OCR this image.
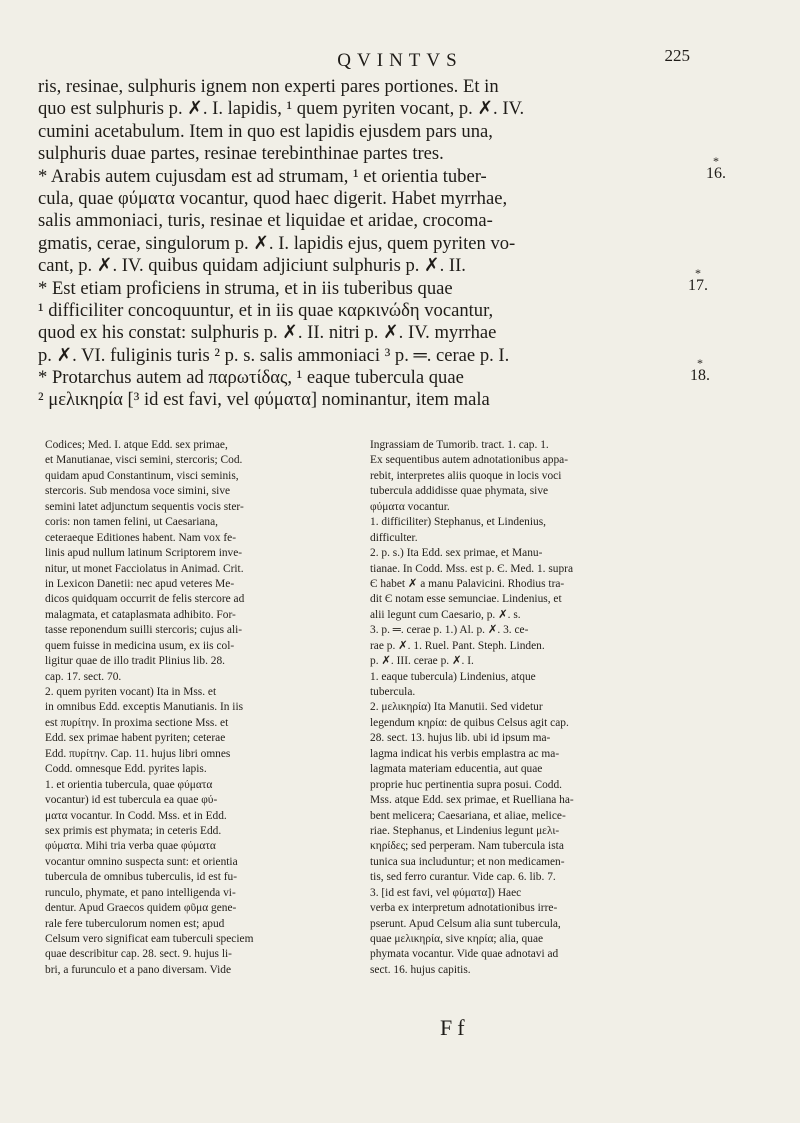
QVINTVS	225
ris, resinae, sulphuris ignem non experti pares portiones. Et in
quo est sulphuris p. ✗. I. lapidis, ¹ quem pyriten vocant, p. ✗. IV.
cumini acetabulum. Item in quo est lapidis ejusdem pars una,
sulphuris duae partes, resinae terebinthinae partes tres.
* Arabis autem cujusdam est ad strumam, ¹ et orientia tuber-
cula, quae φύματα vocantur, quod haec digerit. Habet myrrhae,
salis ammoniaci, turis, resinae et liquidae et aridae, crocoma-
gmatis, cerae, singulorum p. ✗. I. lapidis ejus, quem pyriten vo-
cant, p. ✗. IV. quibus quidam adjiciunt sulphuris p. ✗. II.
* Est etiam proficiens in struma, et in iis tuberibus quae
¹ difficiliter concoquuntur, et in iis quae καρκινώδη vocantur,
quod ex his constat: sulphuris p. ✗. II. nitri p. ✗. IV. myrrhae
p. ✗. VI. fuliginis turis ² p. s. salis ammoniaci ³ p. ═. cerae p. I.
* Protarchus autem ad παρωτίδας, ¹ eaque tubercula quae
² μελικηρία [³ id est favi, vel φύματα] nominantur, item mala
*
16.
*
17.
*
18.
Codices; Med. I. atque Edd. sex primae,
et Manutianae, visci semini, stercoris; Cod.
quidam apud Constantinum, visci seminis,
stercoris. Sub mendosa voce simini, sive
semini latet adjunctum sequentis vocis ster-
coris: non tamen felini, ut Caesariana,
ceteraeque Editiones habent. Nam vox fe-
linis apud nullum latinum Scriptorem inve-
nitur, ut monet Facciolatus in Animad. Crit.
in Lexicon Danetii: nec apud veteres Me-
dicos quidquam occurrit de felis stercore ad
malagmata, et cataplasmata adhibito. For-
tasse reponendum suilli stercoris; cujus ali-
quem fuisse in medicina usum, ex iis col-
ligitur quae de illo tradit Plinius lib. 28.
cap. 17. sect. 70.
2. quem pyriten vocant) Ita in Mss. et
in omnibus Edd. exceptis Manutianis. In iis
est πυρίτην. In proxima sectione Mss. et
Edd. sex primae habent pyriten; ceterae
Edd. πυρίτην. Cap. 11. hujus libri omnes
Codd. omnesque Edd. pyrites lapis.
1. et orientia tubercula, quae φύματα
vocantur) id est tubercula ea quae φύ-
ματα vocantur. In Codd. Mss. et in Edd.
sex primis est phymata; in ceteris Edd.
φύματα. Mihi tria verba quae φύματα
vocantur omnino suspecta sunt: et orientia
tubercula de omnibus tuberculis, id est fu-
runculo, phymate, et pano intelligenda vi-
dentur. Apud Graecos quidem φῦμα gene-
rale fere tuberculorum nomen est; apud
Celsum vero significat eam tuberculi speciem
quae describitur cap. 28. sect. 9. hujus li-
bri, a furunculo et a pano diversam. Vide
Ingrassiam de Tumorib. tract. 1. cap. 1.
Ex sequentibus autem adnotationibus appa-
rebit, interpretes aliis quoque in locis voci
tubercula addidisse quae phymata, sive
φύματα vocantur.
1. difficiliter) Stephanus, et Lindenius,
difficulter.
2. p. s.) Ita Edd. sex primae, et Manu-
tianae. In Codd. Mss. est p. Є. Med. 1. supra
Є habet ✗ a manu Palavicini. Rhodius tra-
dit Є notam esse semunciae. Lindenius, et
alii legunt cum Caesario, p. ✗. s.
3. p. ═. cerae p. 1.) Al. p. ✗. 3. ce-
rae p. ✗. 1. Ruel. Pant. Steph. Linden.
p. ✗. III. cerae p. ✗. I.
1. eaque tubercula) Lindenius, atque
tubercula.
2. μελικηρία) Ita Manutii. Sed videtur
legendum κηρία: de quibus Celsus agit cap.
28. sect. 13. hujus lib. ubi id ipsum ma-
lagma indicat his verbis emplastra ac ma-
lagmata materiam educentia, aut quae
proprie huc pertinentia supra posui. Codd.
Mss. atque Edd. sex primae, et Ruelliana ha-
bent melicera; Caesariana, et aliae, melice-
riae. Stephanus, et Lindenius legunt μελι-
κηρίδες; sed perperam. Nam tubercula ista
tunica sua includuntur; et non medicamen-
tis, sed ferro curantur. Vide cap. 6. lib. 7.
3. [id est favi, vel φύματα]) Haec
verba ex interpretum adnotationibus irre-
pserunt. Apud Celsum alia sunt tubercula,
quae μελικηρία, sive κηρία; alia, quae
phymata vocantur. Vide quae adnotavi ad
sect. 16. hujus capitis.
Ff
